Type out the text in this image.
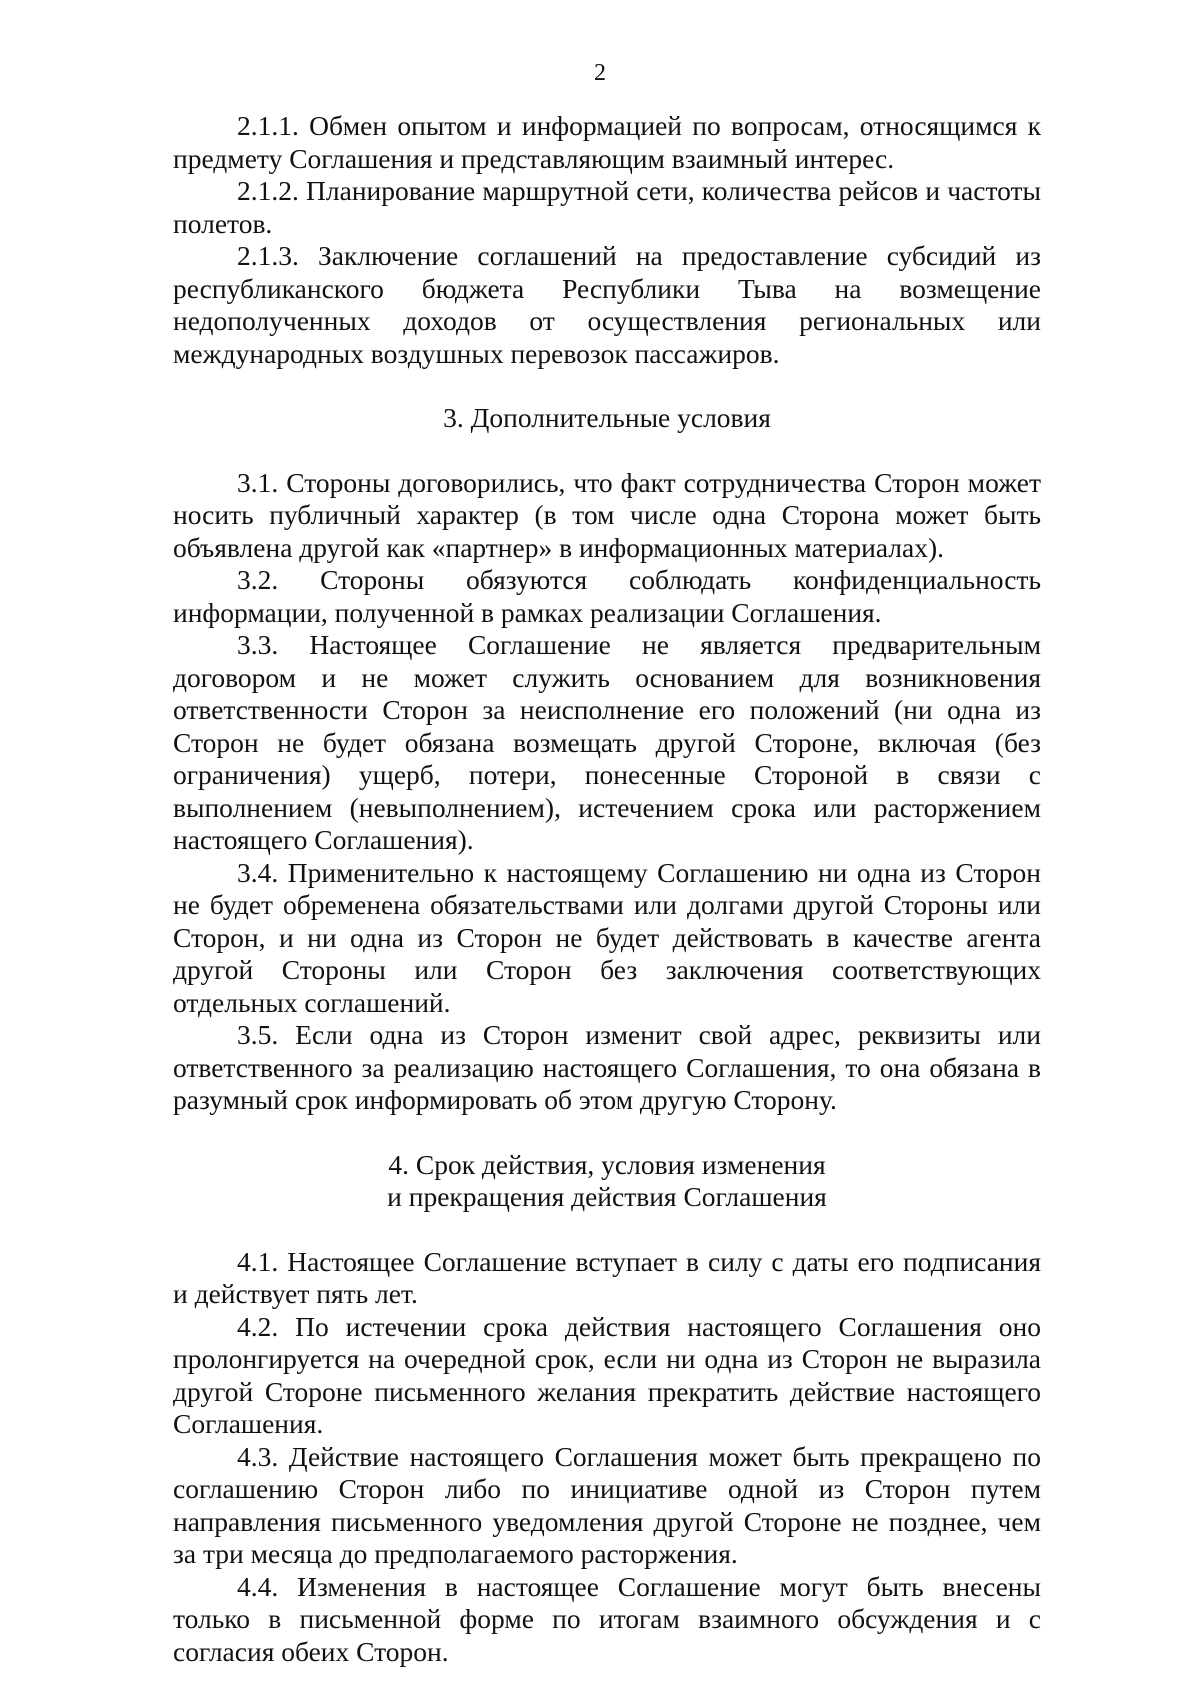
2

2.1.1. Обмен опытом и информацией по вопросам, относящимся к предмету Соглашения и представляющим взаимный интерес.

2.1.2. Планирование маршрутной сети, количества рейсов и частоты полетов.

2.1.3. Заключение соглашений на предоставление субсидий из республиканского бюджета Республики Тыва на возмещение недополученных доходов от осуществления региональных или международных воздушных перевозок пассажиров.

3. Дополнительные условия

3.1. Стороны договорились, что факт сотрудничества Сторон может носить публичный характер (в том числе одна Сторона может быть объявлена другой как «партнер» в информационных материалах).

3.2. Стороны обязуются соблюдать конфиденциальность информации, полученной в рамках реализации Соглашения.

3.3. Настоящее Соглашение не является предварительным договором и не может служить основанием для возникновения ответственности Сторон за неисполнение его положений (ни одна из Сторон не будет обязана возмещать другой Стороне, включая (без ограничения) ущерб, потери, понесенные Стороной в связи с выполнением (невыполнением), истечением срока или расторжением настоящего Соглашения).

3.4. Применительно к настоящему Соглашению ни одна из Сторон не будет обременена обязательствами или долгами другой Стороны или Сторон, и ни одна из Сторон не будет действовать в качестве агента другой Стороны или Сторон без заключения соответствующих отдельных соглашений.

3.5. Если одна из Сторон изменит свой адрес, реквизиты или ответственного за реализацию настоящего Соглашения, то она обязана в разумный срок информировать об этом другую Сторону.

4. Срок действия, условия изменения
и прекращения действия Соглашения

4.1. Настоящее Соглашение вступает в силу с даты его подписания и действует пять лет.

4.2. По истечении срока действия настоящего Соглашения оно пролонгируется на очередной срок, если ни одна из Сторон не выразила другой Стороне письменного желания прекратить действие настоящего Соглашения.

4.3. Действие настоящего Соглашения может быть прекращено по соглашению Сторон либо по инициативе одной из Сторон путем направления письменного уведомления другой Стороне не позднее, чем за три месяца до предполагаемого расторжения.

4.4. Изменения в настоящее Соглашение могут быть внесены только в письменной форме по итогам взаимного обсуждения и с согласия обеих Сторон.
